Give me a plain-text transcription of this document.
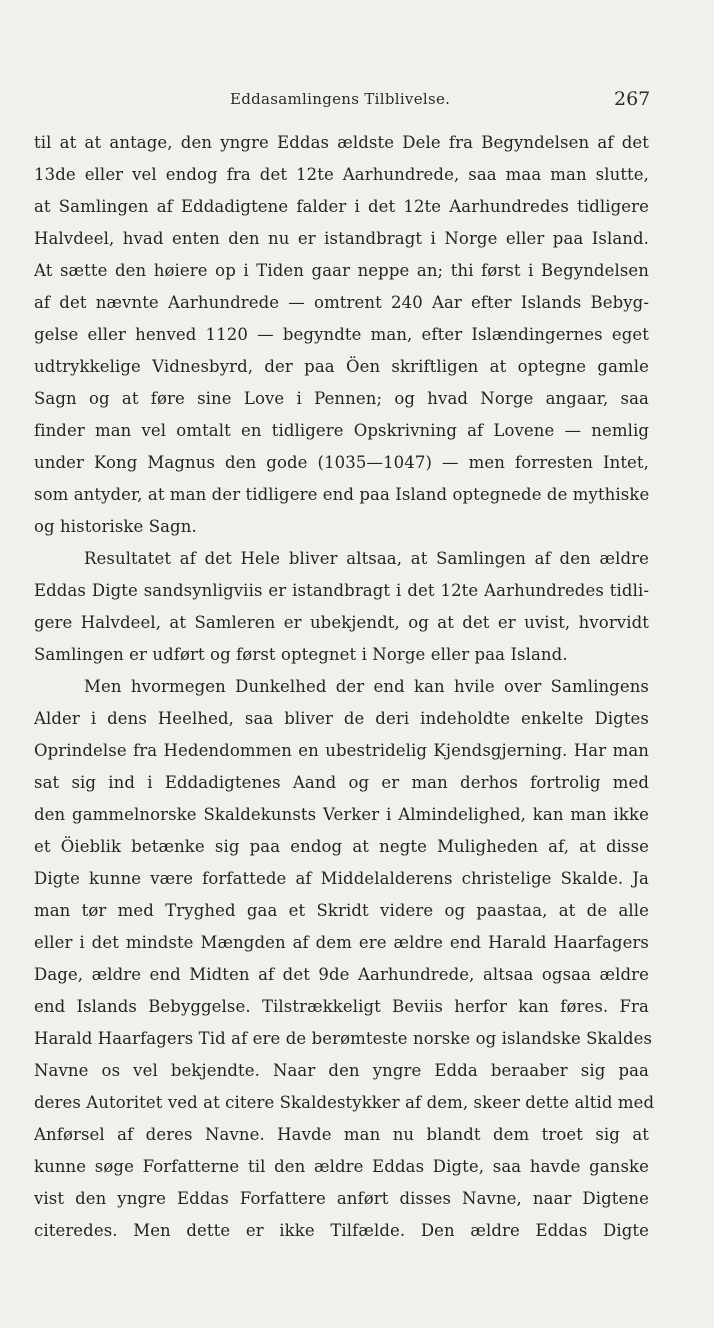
Eddasamlingens Tilblivelse.	267
til at at antage, den yngre Eddas ældste Dele fra Begyndelsen af det
13de eller vel endog fra det 12te Aarhundrede, saa maa man slutte,
at Samlingen af Eddadigtene falder i det 12te Aarhundredes tidligere
Halvdeel, hvad enten den nu er istandbragt i Norge eller paa Island.
At sætte den høiere op i Tiden gaar neppe an; thi først i Begyndelsen
af det nævnte Aarhundrede — omtrent 240 Aar efter Islands Bebyg-
gelse eller henved 1120 — begyndte man, efter Islændingernes eget
udtrykkelige Vidnesbyrd, der paa Öen skriftligen at optegne gamle
Sagn og at føre sine Love i Pennen; og hvad Norge angaar, saa
finder man vel omtalt en tidligere Opskrivning af Lovene — nemlig
under Kong Magnus den gode (1035—1047) — men forresten Intet,
som antyder, at man der tidligere end paa Island optegnede de mythiske
og historiske Sagn.
Resultatet af det Hele bliver altsaa, at Samlingen af den ældre
Eddas Digte sandsynligviis er istandbragt i det 12te Aarhundredes tidli-
gere Halvdeel, at Samleren er ubekjendt, og at det er uvist, hvorvidt
Samlingen er udført og først optegnet i Norge eller paa Island.
Men hvormegen Dunkelhed der end kan hvile over Samlingens
Alder i dens Heelhed, saa bliver de deri indeholdte enkelte Digtes
Oprindelse fra Hedendommen en ubestridelig Kjendsgjerning. Har man
sat sig ind i Eddadigtenes Aand og er man derhos fortrolig med
den gammelnorske Skaldekunsts Verker i Almindelighed, kan man ikke
et Öieblik betænke sig paa endog at negte Muligheden af, at disse
Digte kunne være forfattede af Middelalderens christelige Skalde. Ja
man tør med Tryghed gaa et Skridt videre og paastaa, at de alle
eller i det mindste Mængden af dem ere ældre end Harald Haarfagers
Dage, ældre end Midten af det 9de Aarhundrede, altsaa ogsaa ældre
end Islands Bebyggelse. Tilstrækkeligt Beviis herfor kan føres. Fra
Harald Haarfagers Tid af ere de berømteste norske og islandske Skaldes
Navne os vel bekjendte. Naar den yngre Edda beraaber sig paa
deres Autoritet ved at citere Skaldestykker af dem, skeer dette altid med
Anførsel af deres Navne. Havde man nu blandt dem troet sig at
kunne søge Forfatterne til den ældre Eddas Digte, saa havde ganske
vist den yngre Eddas Forfattere anført disses Navne, naar Digtene
citeredes. Men dette er ikke Tilfælde. Den ældre Eddas Digte
